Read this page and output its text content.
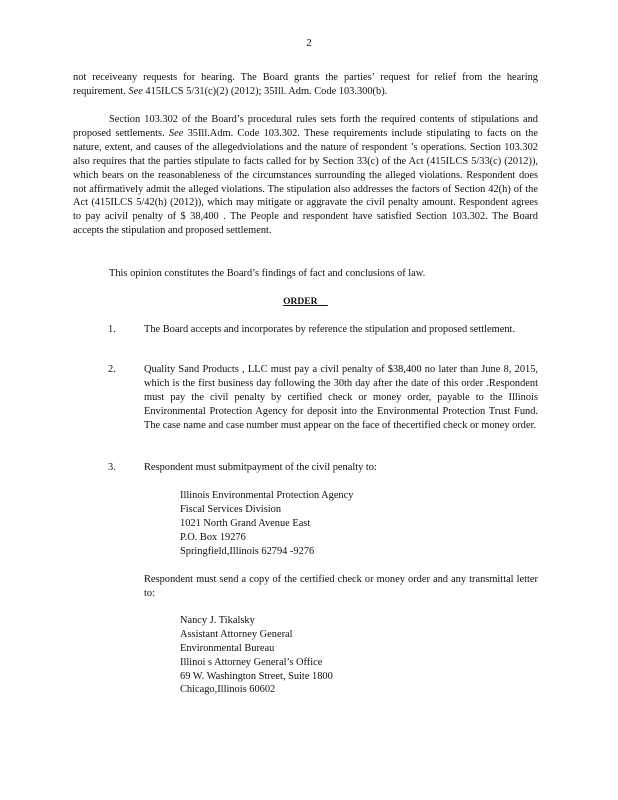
2

not receiveany requests for hearing. The Board grants the parties’ request for relief from the hearing requirement. See 415ILCS 5/31(c)(2) (2012); 35Ill. Adm. Code 103.300(b).

Section 103.302 of the Board’s procedural rules sets forth the required contents of stipulations and proposed settlements. See 35Ill.Adm. Code 103.302. These requirements include stipulating to facts on the nature, extent, and causes of the allegedviolations and the nature of respondent ’s operations. Section 103.302 also requires that the parties stipulate to facts called for by Section 33(c) of the Act (415ILCS 5/33(c) (2012)), which bears on the reasonableness of the circumstances surrounding the alleged violations. Respondent does not affirmatively admit the alleged violations. The stipulation also addresses the factors of Section 42(h) of the Act (415ILCS 5/42(h) (2012)), which may mitigate or aggravate the civil penalty amount. Respondent agrees to pay acivil penalty of $ 38,400 . The People and respondent have satisfied Section 103.302. The Board accepts the stipulation and proposed settlement.

This opinion constitutes the Board’s findings of fact and conclusions of law.

ORDER
1.	The Board accepts and incorporates by reference the stipulation and proposed settlement.

2.	Quality Sand Products , LLC must pay a civil penalty of $38,400 no later than June 8, 2015, which is the first business day following the 30th day after the date of this order .Respondent must pay the civil penalty by certified check or money order, payable to the Illinois Environmental Protection Agency for deposit into the Environmental Protection Trust Fund. The case name and case number must appear on the face of thecertified check or money order.

3.	Respondent must submitpayment of the civil penalty to:

Illinois Environmental Protection Agency
Fiscal Services Division
1021 North Grand Avenue East
P.O. Box 19276
Springfield,Illinois 62794 -9276

Respondent must send a copy of the certified check or money order and any transmittal letter to:

Nancy J. Tikalsky
Assistant Attorney General
Environmental Bureau
Illinoi s Attorney General’s Office
69 W. Washington Street, Suite 1800
Chicago,Illinois 60602
